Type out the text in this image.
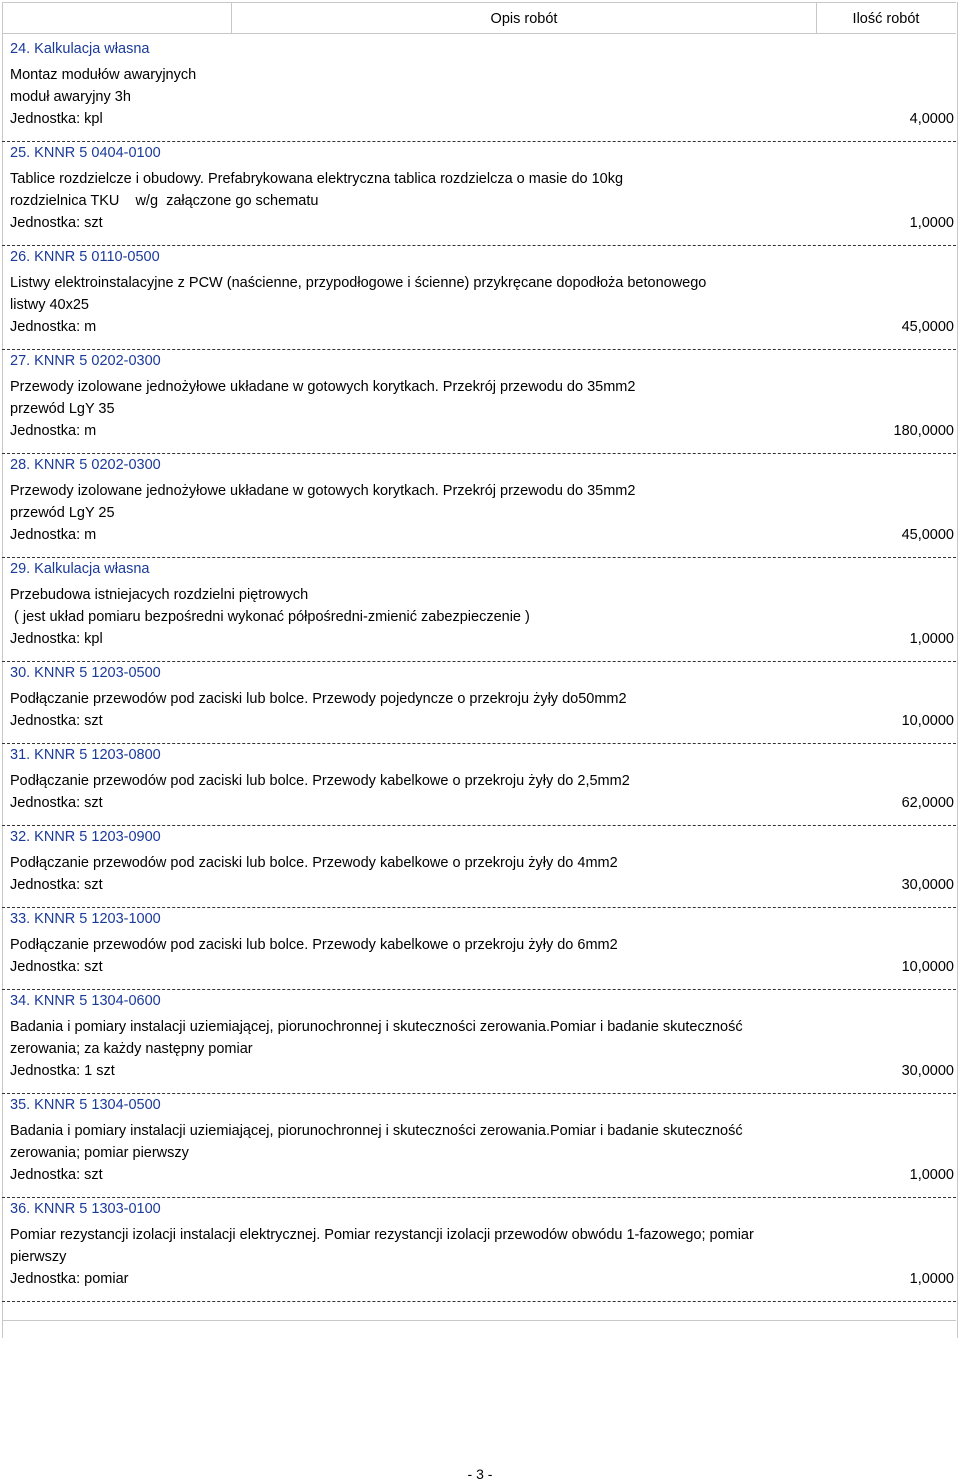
Opis robót	Ilość robót
24. Kalkulacja własna
Montaz modułów awaryjnych
moduł awaryjny 3h
Jednostka: kpl	4,0000
25. KNNR 5 0404-0100
Tablice rozdzielcze i obudowy. Prefabrykowana elektryczna tablica rozdzielcza o masie do 10kg
rozdzielnica TKU    w/g  załączone go schematu
Jednostka: szt	1,0000
26. KNNR 5 0110-0500
Listwy elektroinstalacyjne z PCW (naścienne, przypodłogowe i ścienne) przykręcane dopodłoża betonowego
listwy 40x25
Jednostka: m	45,0000
27. KNNR 5 0202-0300
Przewody izolowane jednożyłowe układane w gotowych korytkach. Przekrój przewodu do 35mm2
przewód LgY 35
Jednostka: m	180,0000
28. KNNR 5 0202-0300
Przewody izolowane jednożyłowe układane w gotowych korytkach. Przekrój przewodu do 35mm2
przewód LgY 25
Jednostka: m	45,0000
29. Kalkulacja własna
Przebudowa istniejacych rozdzielni piętrowych
( jest układ pomiaru bezpośredni wykonać półpośredni-zmienić zabezpieczenie )
Jednostka: kpl	1,0000
30. KNNR 5 1203-0500
Podłączanie przewodów pod zaciski lub bolce. Przewody pojedyncze o przekroju żyły do50mm2
Jednostka: szt	10,0000
31. KNNR 5 1203-0800
Podłączanie przewodów pod zaciski lub bolce. Przewody kabelkowe o przekroju żyły do 2,5mm2
Jednostka: szt	62,0000
32. KNNR 5 1203-0900
Podłączanie przewodów pod zaciski lub bolce. Przewody kabelkowe o przekroju żyły do 4mm2
Jednostka: szt	30,0000
33. KNNR 5 1203-1000
Podłączanie przewodów pod zaciski lub bolce. Przewody kabelkowe o przekroju żyły do 6mm2
Jednostka: szt	10,0000
34. KNNR 5 1304-0600
Badania i pomiary instalacji uziemiającej, piorunochronnej i skuteczności zerowania.Pomiar i badanie skuteczność
zerowania; za każdy następny pomiar
Jednostka: 1 szt	30,0000
35. KNNR 5 1304-0500
Badania i pomiary instalacji uziemiającej, piorunochronnej i skuteczności zerowania.Pomiar i badanie skuteczność
zerowania; pomiar pierwszy
Jednostka: szt	1,0000
36. KNNR 5 1303-0100
Pomiar rezystancji izolacji instalacji elektrycznej. Pomiar rezystancji izolacji przewodów obwódu 1-fazowego; pomiar
pierwszy
Jednostka: pomiar	1,0000
- 3 -
